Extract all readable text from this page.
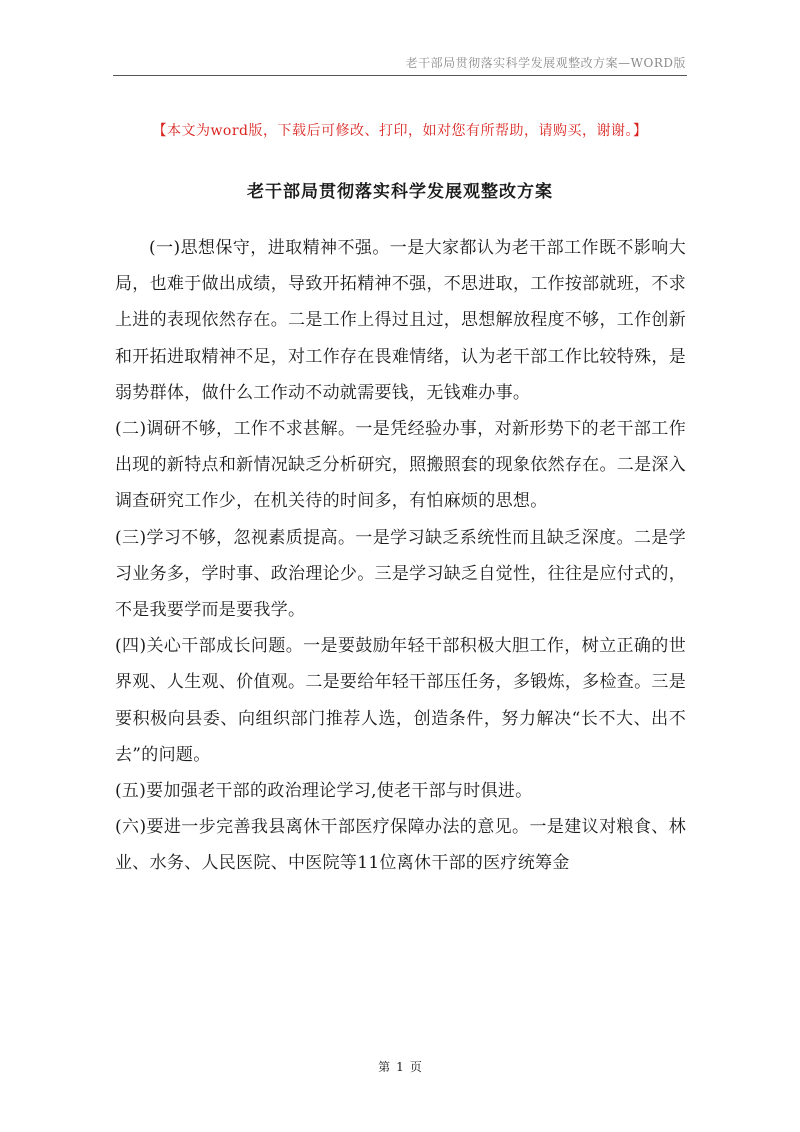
老干部局贯彻落实科学发展观整改方案—WORD版
【本文为word版，下载后可修改、打印，如对您有所帮助，请购买，谢谢。】
老干部局贯彻落实科学发展观整改方案

(一)思想保守，进取精神不强。一是大家都认为老干部工作既不影响大局，也难于做出成绩，导致开拓精神不强，不思进取，工作按部就班，不求上进的表现依然存在。二是工作上得过且过，思想解放程度不够，工作创新和开拓进取精神不足，对工作存在畏难情绪，认为老干部工作比较特殊，是弱势群体，做什么工作动不动就需要钱，无钱难办事。

(二)调研不够，工作不求甚解。一是凭经验办事，对新形势下的老干部工作出现的新特点和新情况缺乏分析研究，照搬照套的现象依然存在。二是深入调查研究工作少，在机关待的时间多，有怕麻烦的思想。

(三)学习不够，忽视素质提高。一是学习缺乏系统性而且缺乏深度。二是学习业务多，学时事、政治理论少。三是学习缺乏自觉性，往往是应付式的，不是我要学而是要我学。

(四)关心干部成长问题。一是要鼓励年轻干部积极大胆工作，树立正确的世界观、人生观、价值观。二是要给年轻干部压任务，多锻炼，多检查。三是要积极向县委、向组织部门推荐人选，创造条件，努力解决“长不大、出不去”的问题。

(五)要加强老干部的政治理论学习,使老干部与时俱进。

(六)要进一步完善我县离休干部医疗保障办法的意见。一是建议对粮食、林业、水务、人民医院、中医院等11位离休干部的医疗统筹金

第 1 页
